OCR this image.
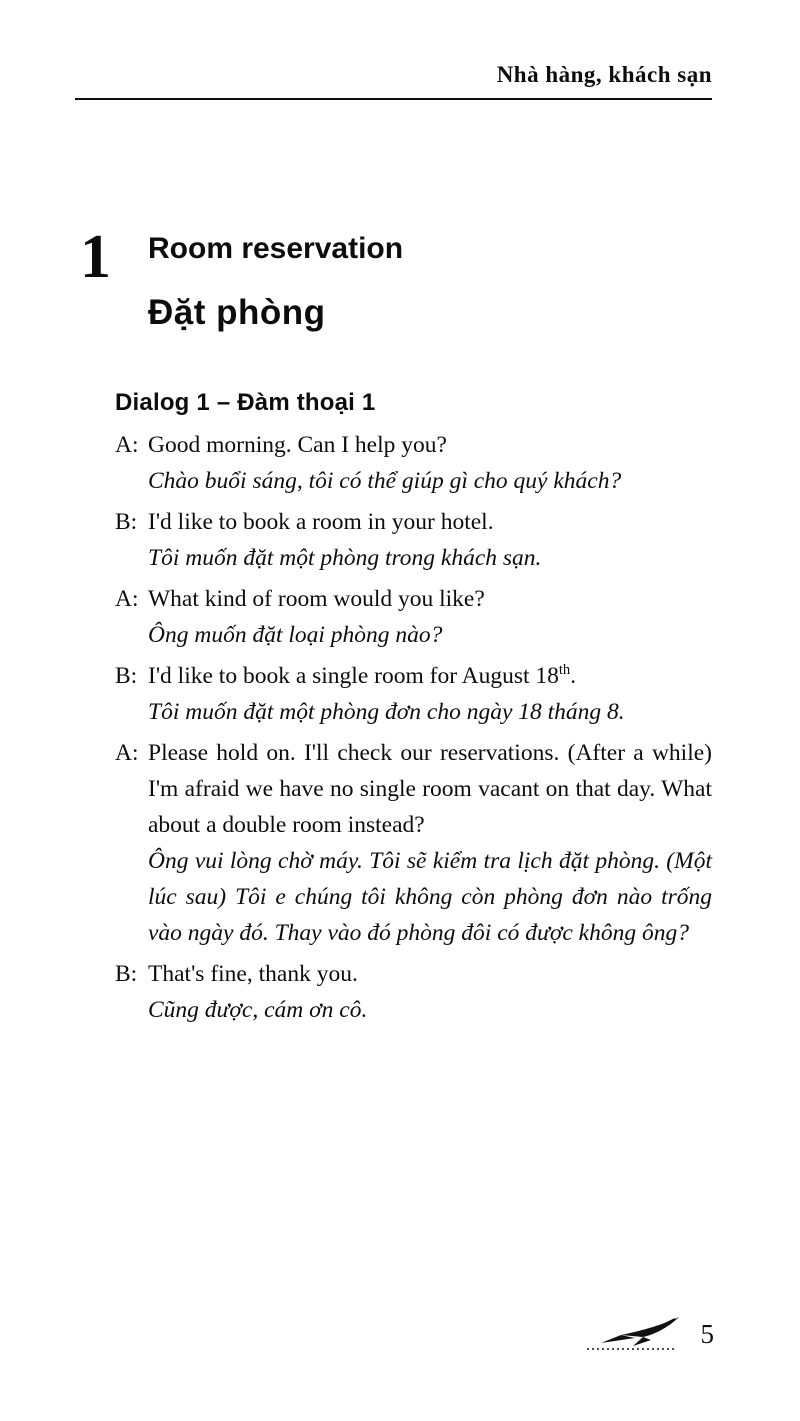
Nhà hàng, khách sạn
1	Room reservation
Đặt phòng
Dialog 1 – Đàm thoại 1
A: Good morning. Can I help you?
Chào buổi sáng, tôi có thể giúp gì cho quý khách?
B: I'd like to book a room in your hotel.
Tôi muốn đặt một phòng trong khách sạn.
A: What kind of room would you like?
Ông muốn đặt loại phòng nào?
B: I'd like to book a single room for August 18th.
Tôi muốn đặt một phòng đơn cho ngày 18 tháng 8.
A: Please hold on. I'll check our reservations. (After a while) I'm afraid we have no single room vacant on that day. What about a double room instead?
Ông vui lòng chờ máy. Tôi sẽ kiểm tra lịch đặt phòng. (Một lúc sau) Tôi e chúng tôi không còn phòng đơn nào trống vào ngày đó. Thay vào đó phòng đôi có được không ông?
B: That's fine, thank you.
Cũng được, cám ơn cô.
5
